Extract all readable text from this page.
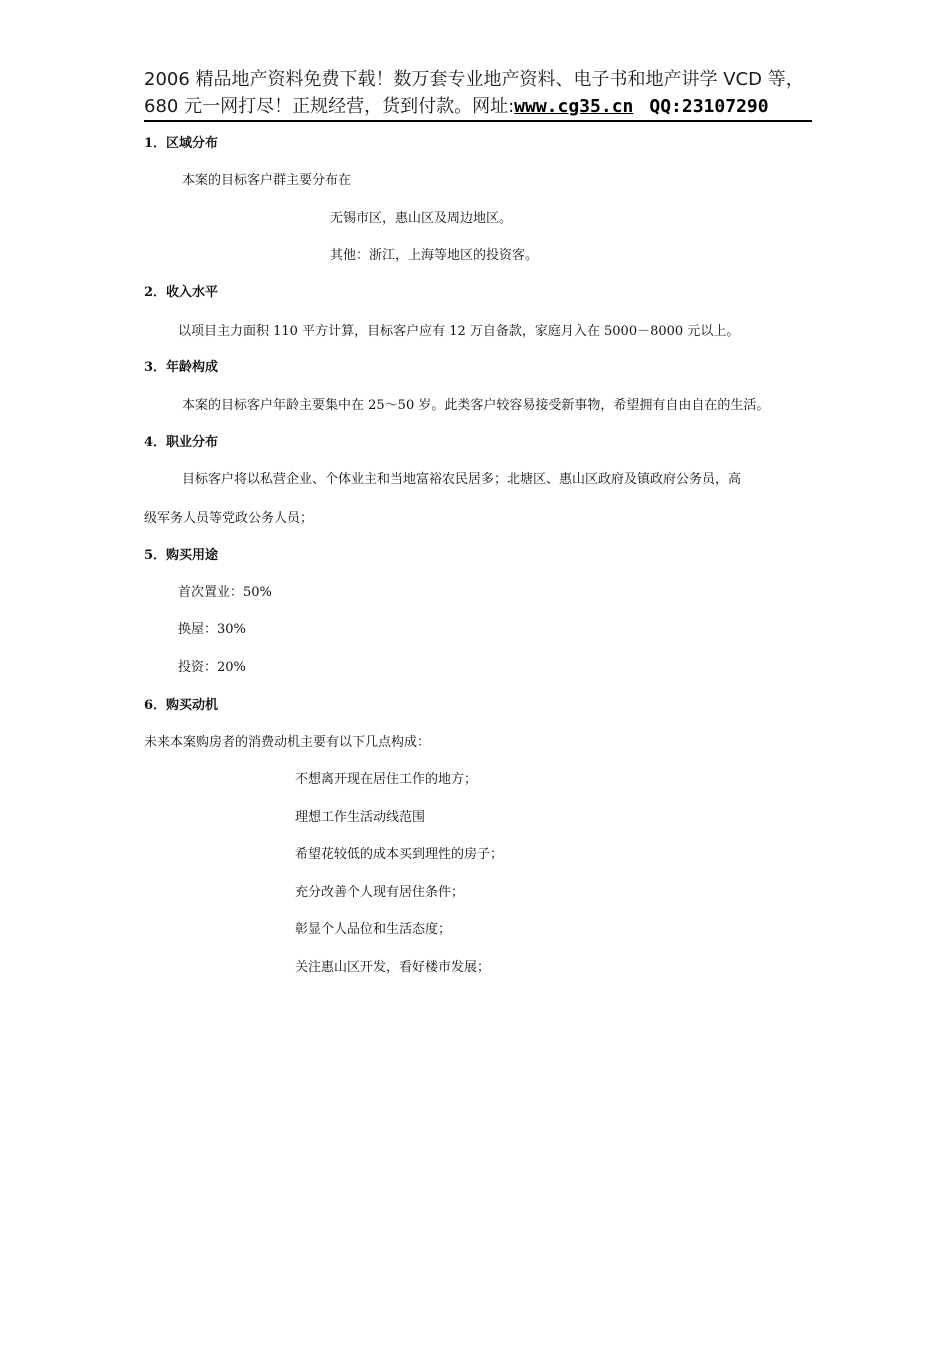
2006 精品地产资料免费下载！数万套专业地产资料、电子书和地产讲学 VCD 等，
680 元一网打尽！正规经营，货到付款。网址:www.cg35.cn QQ:23107290
1．区域分布
本案的目标客户群主要分布在
无锡市区，惠山区及周边地区。
其他：浙江，上海等地区的投资客。
2．收入水平
以项目主力面积 110 平方计算，目标客户应有 12 万自备款，家庭月入在 5000－8000 元以上。
3．年龄构成
本案的目标客户年龄主要集中在 25～50 岁。此类客户较容易接受新事物，希望拥有自由自在的生活。
4．职业分布
目标客户将以私营企业、个体业主和当地富裕农民居多；北塘区、惠山区政府及镇政府公务员，高
级军务人员等党政公务人员；
5．购买用途
首次置业：50%
换屋：30%
投资：20%
6．购买动机
未来本案购房者的消费动机主要有以下几点构成：
不想离开现在居住工作的地方；
理想工作生活动线范围
希望花较低的成本买到理性的房子；
充分改善个人现有居住条件；
彰显个人品位和生活态度；
关注惠山区开发，看好楼市发展；
